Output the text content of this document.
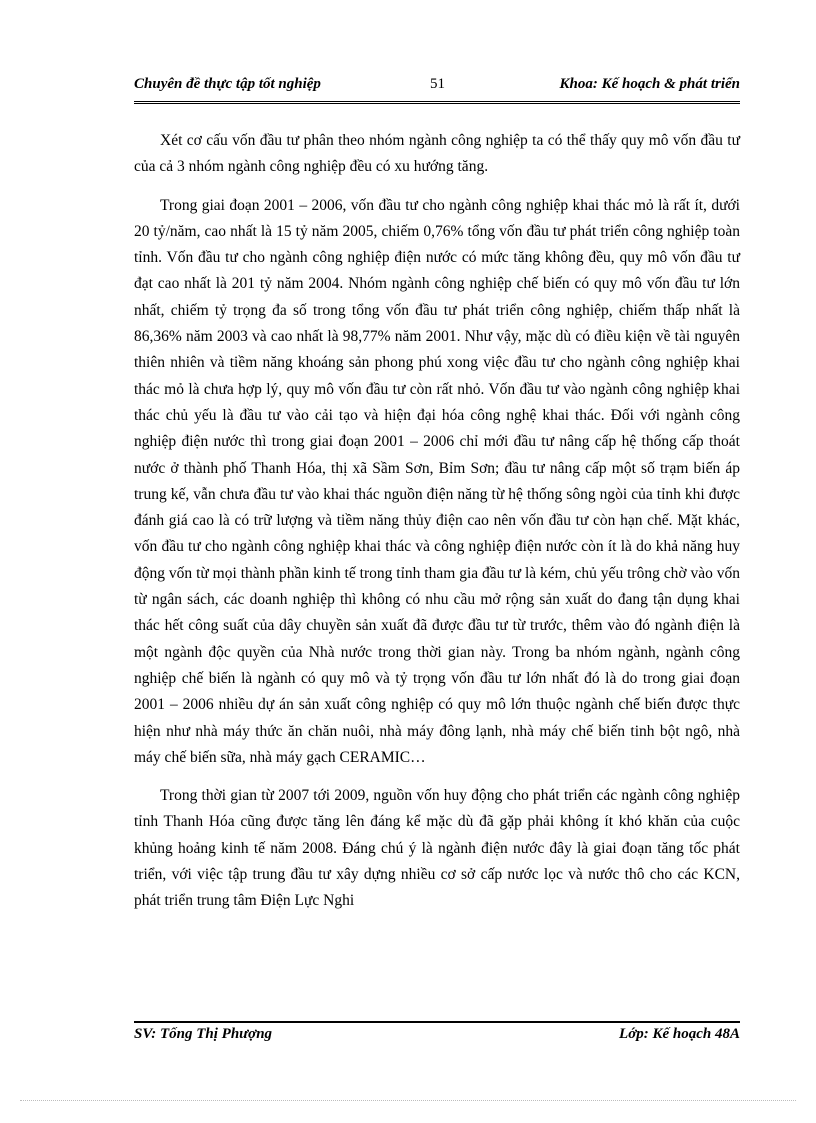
Chuyên đề thực tập tốt nghiệp	51	Khoa: Kế hoạch & phát triển

Xét cơ cấu vốn đầu tư phân theo nhóm ngành công nghiệp ta có thể thấy quy mô vốn đầu tư của cả 3 nhóm ngành công nghiệp đều có xu hướng tăng.

Trong giai đoạn 2001 – 2006, vốn đầu tư cho ngành công nghiệp khai thác mỏ là rất ít, dưới 20 tỷ/năm, cao nhất là 15 tỷ năm 2005, chiếm 0,76% tổng vốn đầu tư phát triển công nghiệp toàn tỉnh. Vốn đầu tư cho ngành công nghiệp điện nước có mức tăng không đều, quy mô vốn đầu tư đạt cao nhất là 201 tỷ năm 2004. Nhóm ngành công nghiệp chế biến có quy mô vốn đầu tư lớn nhất, chiếm tỷ trọng đa số trong tổng vốn đầu tư phát triển công nghiệp, chiếm thấp nhất là 86,36% năm 2003 và cao nhất là 98,77% năm 2001. Như vậy, mặc dù có điều kiện về tài nguyên thiên nhiên và tiềm năng khoáng sản phong phú xong việc đầu tư cho ngành công nghiệp khai thác mỏ là chưa hợp lý, quy mô vốn đầu tư còn rất nhỏ. Vốn đầu tư vào ngành công nghiệp khai thác chủ yếu là đầu tư vào cải tạo và hiện đại hóa công nghệ khai thác. Đối với ngành công nghiệp điện nước thì trong giai đoạn 2001 – 2006 chỉ mới đầu tư nâng cấp hệ thống cấp thoát nước ở thành phố Thanh Hóa, thị xã Sầm Sơn, Bỉm Sơn; đầu tư nâng cấp một số trạm biến áp trung kế, vẫn chưa đầu tư vào khai thác nguồn điện năng từ hệ thống sông ngòi của tỉnh khi được đánh giá cao là có trữ lượng và tiềm năng thủy điện cao nên vốn đầu tư còn hạn chế. Mặt khác, vốn đầu tư cho ngành công nghiệp khai thác và công nghiệp điện nước còn ít là do khả năng huy động vốn từ mọi thành phần kinh tế trong tỉnh tham gia đầu tư là kém, chủ yếu trông chờ vào vốn từ ngân sách, các doanh nghiệp thì không có nhu cầu mở rộng sản xuất do đang tận dụng khai thác hết công suất của dây chuyền sản xuất đã được đầu tư từ trước, thêm vào đó ngành điện là một ngành độc quyền của Nhà nước trong thời gian này. Trong ba nhóm ngành, ngành công nghiệp chế biến là ngành có quy mô và tỷ trọng vốn đầu tư lớn nhất đó là do trong giai đoạn 2001 – 2006 nhiều dự án sản xuất công nghiệp có quy mô lớn thuộc ngành chế biến được thực hiện như nhà máy thức ăn chăn nuôi, nhà máy đông lạnh, nhà máy chế biến tinh bột ngô, nhà máy chế biến sữa, nhà máy gạch CERAMIC…

Trong thời gian từ 2007 tới 2009, nguồn vốn huy động cho phát triển các ngành công nghiệp tỉnh Thanh Hóa cũng được tăng lên đáng kể mặc dù đã gặp phải không ít khó khăn của cuộc khủng hoảng kinh tế năm 2008. Đáng chú ý là ngành điện nước đây là giai đoạn tăng tốc phát triển, với việc tập trung đầu tư xây dựng nhiều cơ sở cấp nước lọc và nước thô cho các KCN, phát triển trung tâm Điện Lực Nghi

SV: Tống Thị Phượng	Lớp: Kế hoạch 48A
